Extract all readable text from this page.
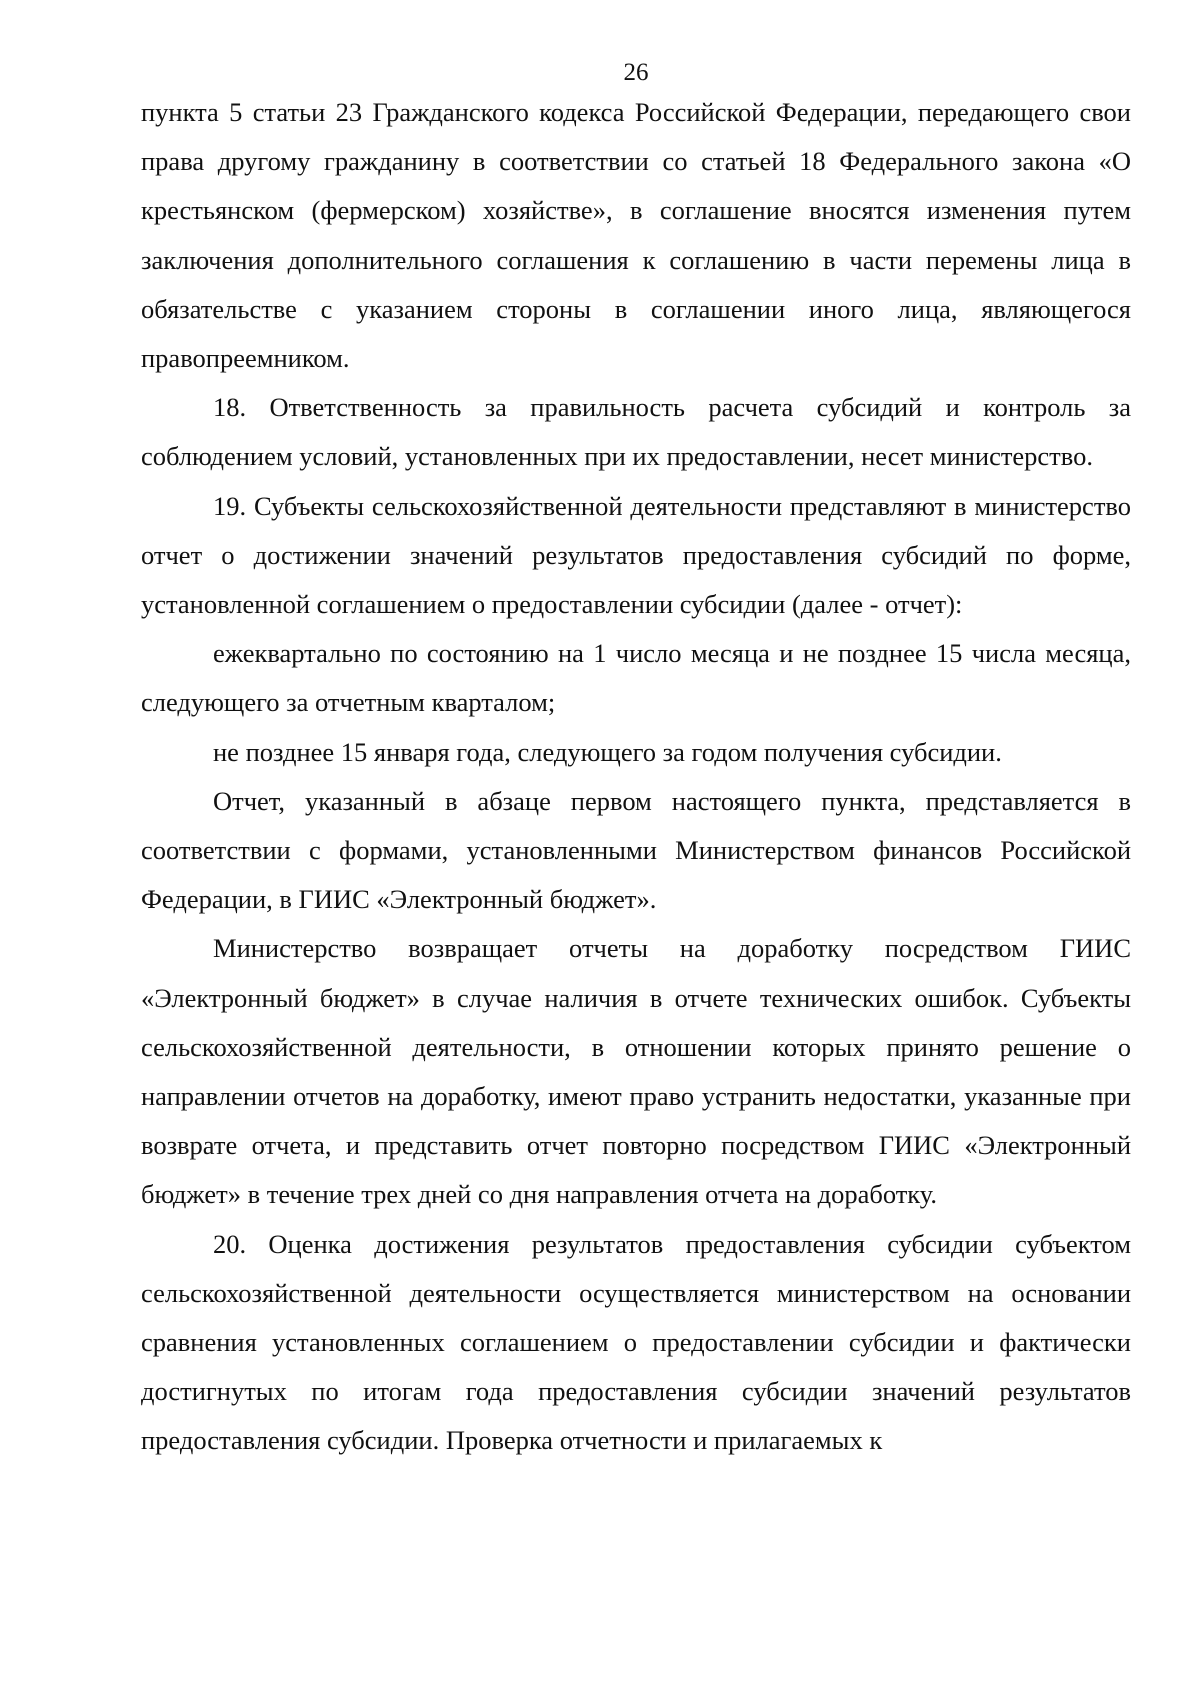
26

пункта 5 статьи 23 Гражданского кодекса Российской Федерации, передающего свои права другому гражданину в соответствии со статьей 18 Федерального закона «О крестьянском (фермерском) хозяйстве», в соглашение вносятся изменения путем заключения дополнительного соглашения к соглашению в части перемены лица в обязательстве с указанием стороны в соглашении иного лица, являющегося правопреемником.

18. Ответственность за правильность расчета субсидий и контроль за соблюдением условий, установленных при их предоставлении, несет министерство.

19. Субъекты сельскохозяйственной деятельности представляют в министерство отчет о достижении значений результатов предоставления субсидий по форме, установленной соглашением о предоставлении субсидии (далее - отчет):

ежеквартально по состоянию на 1 число месяца и не позднее 15 числа месяца, следующего за отчетным кварталом;

не позднее 15 января года, следующего за годом получения субсидии.

Отчет, указанный в абзаце первом настоящего пункта, представляется в соответствии с формами, установленными Министерством финансов Российской Федерации, в ГИИС «Электронный бюджет».

Министерство возвращает отчеты на доработку посредством ГИИС «Электронный бюджет» в случае наличия в отчете технических ошибок. Субъекты сельскохозяйственной деятельности, в отношении которых принято решение о направлении отчетов на доработку, имеют право устранить недостатки, указанные при возврате отчета, и представить отчет повторно посредством ГИИС «Электронный бюджет» в течение трех дней со дня направления отчета на доработку.

20. Оценка достижения результатов предоставления субсидии субъектом сельскохозяйственной деятельности осуществляется министерством на основании сравнения установленных соглашением о предоставлении субсидии и фактически достигнутых по итогам года предоставления субсидии значений результатов предоставления субсидии. Проверка отчетности и прилагаемых к
